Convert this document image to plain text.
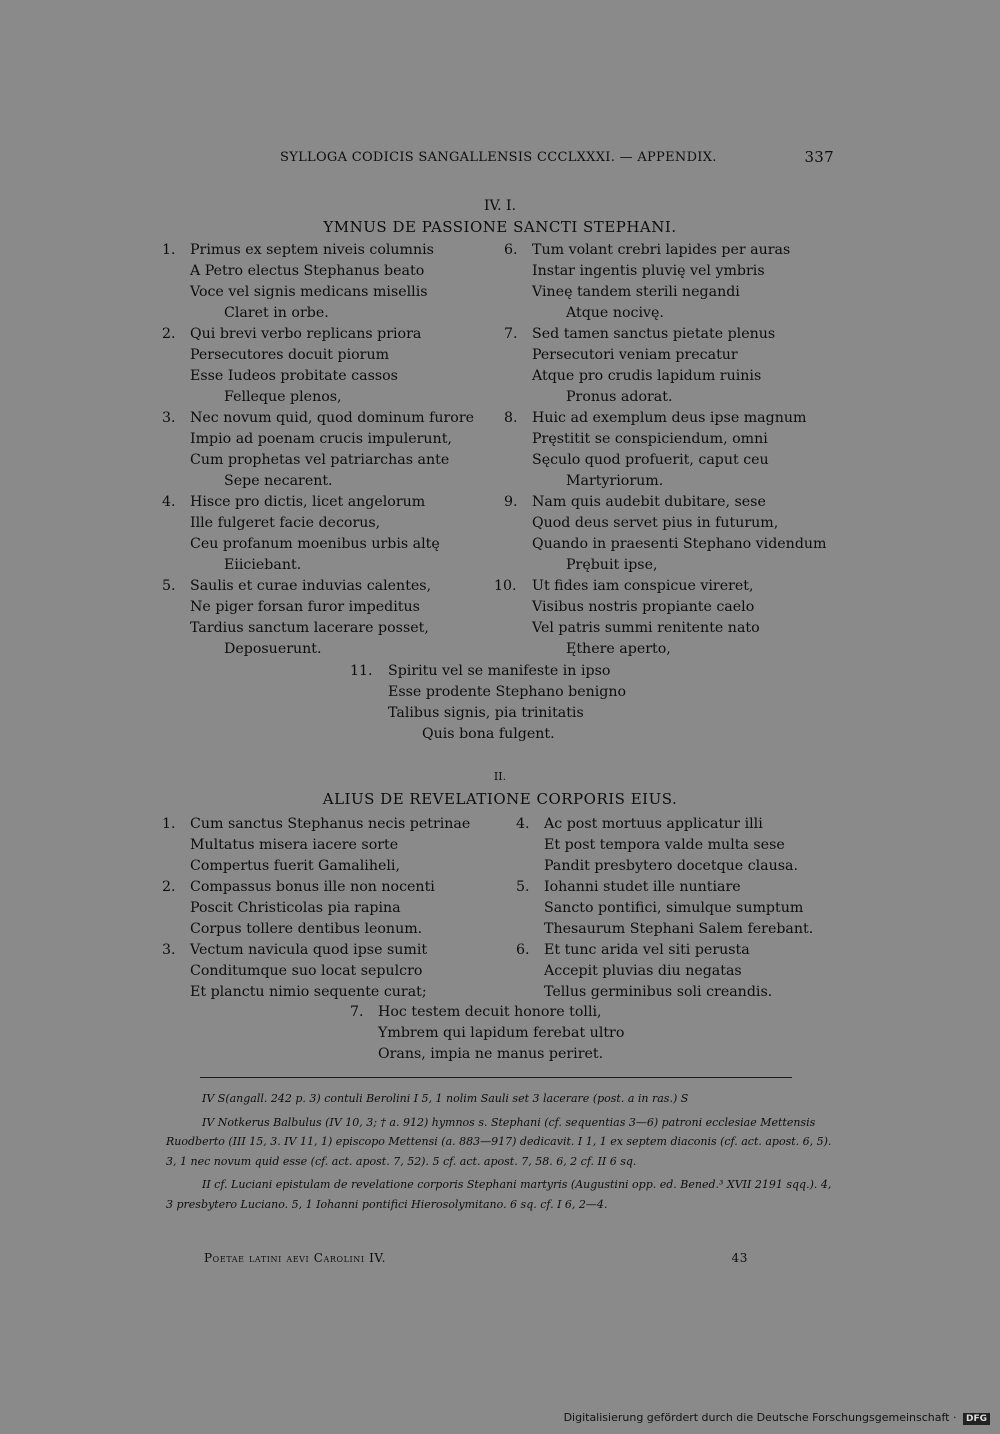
SYLLOGA CODICIS SANGALLENSIS CCCLXXXI. — APPENDIX.	337
IV. I.
YMNUS DE PASSIONE SANCTI STEPHANI.
1.	Primus ex septem niveis columnis
A Petro electus Stephanus beato
Voce vel signis medicans misellis
Claret in orbe.
2.	Qui brevi verbo replicans priora
Persecutores docuit piorum
Esse Iudeos probitate cassos
Felleque plenos,
3.	Nec novum quid, quod dominum furore
Impio ad poenam crucis impulerunt,
Cum prophetas vel patriarchas ante
Sepe necarent.
4.	Hisce pro dictis, licet angelorum
Ille fulgeret facie decorus,
Ceu profanum moenibus urbis altę
Eiiciebant.
5.	Saulis et curae induvias calentes,
Ne piger forsan furor impeditus
Tardius sanctum lacerare posset,
Deposuerunt.
6.	Tum volant crebri lapides per auras
Instar ingentis pluvię vel ymbris
Vineę tandem sterili negandi
Atque nocivę.
7.	Sed tamen sanctus pietate plenus
Persecutori veniam precatur
Atque pro crudis lapidum ruinis
Pronus adorat.
8.	Huic ad exemplum deus ipse magnum
Pręstitit se conspiciendum, omni
Sęculo quod profuerit, caput ceu
Martyriorum.
9.	Nam quis audebit dubitare, sese
Quod deus servet pius in futurum,
Quando in praesenti Stephano videndum
Prębuit ipse,
10.	Ut fides iam conspicue vireret,
Visibus nostris propiante caelo
Vel patris summi renitente nato
Ęthere aperto,
11.	Spiritu vel se manifeste in ipso
Esse prodente Stephano benigno
Talibus signis, pia trinitatis
Quis bona fulgent.
II.
ALIUS DE REVELATIONE CORPORIS EIUS.
1.	Cum sanctus Stephanus necis petrinae
Multatus misera iacere sorte
Compertus fuerit Gamaliheli,
2.	Compassus bonus ille non nocenti
Poscit Christicolas pia rapina
Corpus tollere dentibus leonum.
3.	Vectum navicula quod ipse sumit
Conditumque suo locat sepulcro
Et planctu nimio sequente curat;
4.	Ac post mortuus applicatur illi
Et post tempora valde multa sese
Pandit presbytero docetque clausa.
5.	Iohanni studet ille nuntiare
Sancto pontifici, simulque sumptum
Thesaurum Stephani Salem ferebant.
6.	Et tunc arida vel siti perusta
Accepit pluvias diu negatas
Tellus germinibus soli creandis.
7.	Hoc testem decuit honore tolli,
Ymbrem qui lapidum ferebat ultro
Orans, impia ne manus periret.

IV S(angall. 242 p. 3) contuli Berolini I 5, 1 nolim Sauli set 3 lacerare (post. a in ras.) S

IV Notkerus Balbulus (IV 10, 3; † a. 912) hymnos s. Stephani (cf. sequentias 3—6) patroni ecclesiae Mettensis Ruodberto (III 15, 3. IV 11, 1) episcopo Mettensi (a. 883—917) dedicavit. I 1, 1 ex septem diaconis (cf. act. apost. 6, 5). 3, 1 nec novum quid esse (cf. act. apost. 7, 52). 5 cf. act. apost. 7, 58. 6, 2 cf. II 6 sq.

II cf. Luciani epistulam de revelatione corporis Stephani martyris (Augustini opp. ed. Bened.³ XVII 2191 sqq.). 4, 3 presbytero Luciano. 5, 1 Iohanni pontifici Hierosolymitano. 6 sq. cf. I 6, 2—4.

Poetae latini aevi Carolini IV.	43
Digitalisierung gefördert durch die Deutsche Forschungsgemeinschaft · DFG
